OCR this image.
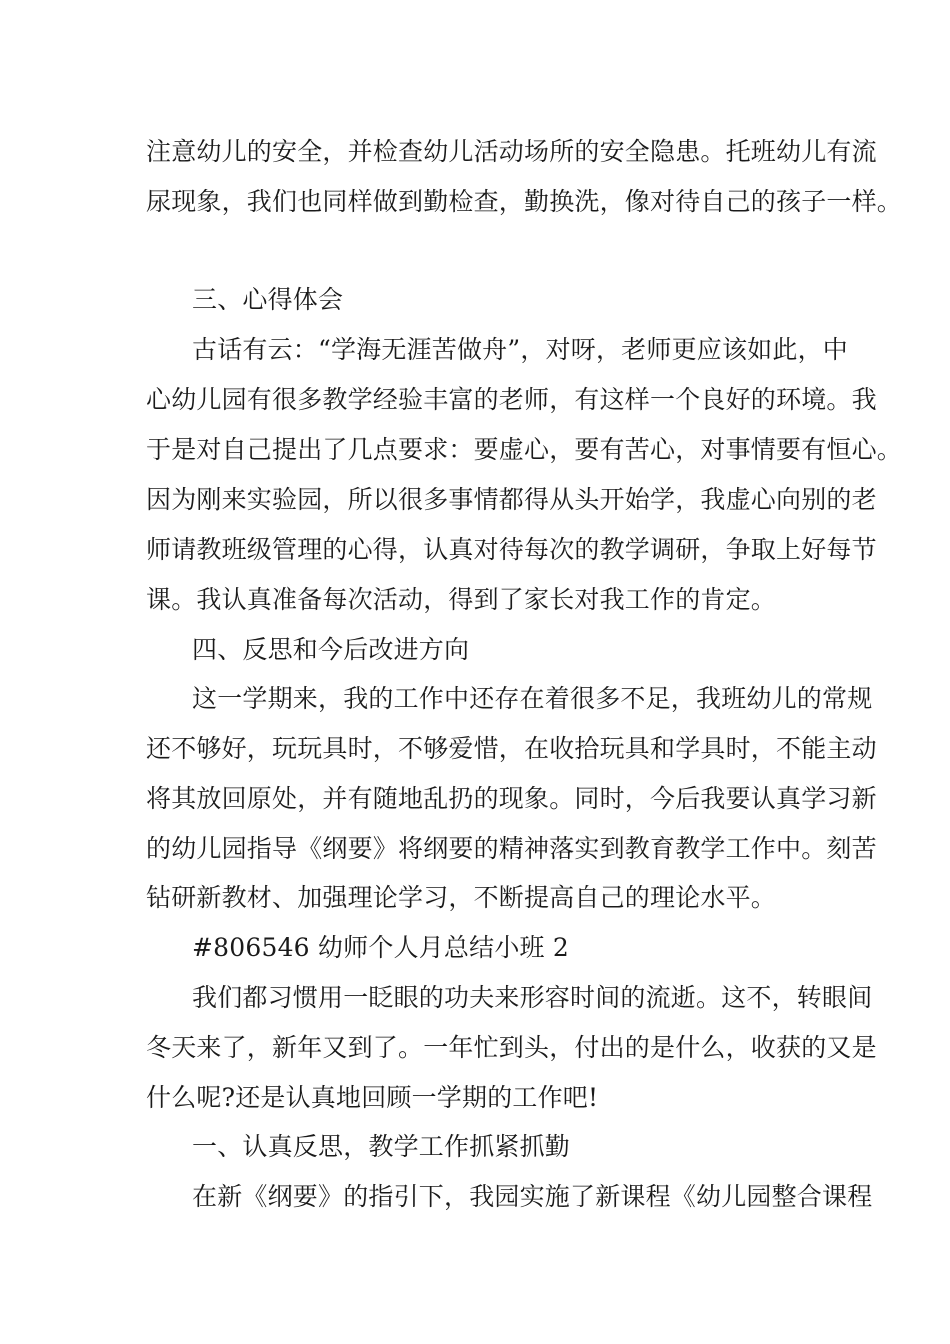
注意幼儿的安全，并检查幼儿活动场所的安全隐患。托班幼儿有流
尿现象，我们也同样做到勤检查，勤换洗，像对待自己的孩子一样。
三、心得体会
古话有云：“学海无涯苦做舟”，对呀，老师更应该如此，中
心幼儿园有很多教学经验丰富的老师，有这样一个良好的环境。我
于是对自己提出了几点要求：要虚心，要有苦心，对事情要有恒心。
因为刚来实验园，所以很多事情都得从头开始学，我虚心向别的老
师请教班级管理的心得，认真对待每次的教学调研，争取上好每节
课。我认真准备每次活动，得到了家长对我工作的肯定。
四、反思和今后改进方向
这一学期来，我的工作中还存在着很多不足，我班幼儿的常规
还不够好，玩玩具时，不够爱惜，在收拾玩具和学具时，不能主动
将其放回原处，并有随地乱扔的现象。同时，今后我要认真学习新
的幼儿园指导《纲要》将纲要的精神落实到教育教学工作中。刻苦
钻研新教材、加强理论学习，不断提高自己的理论水平。
#806546 幼师个人月总结小班 2
我们都习惯用一眨眼的功夫来形容时间的流逝。这不，转眼间
冬天来了，新年又到了。一年忙到头，付出的是什么，收获的又是
什么呢?还是认真地回顾一学期的工作吧!
一、认真反思，教学工作抓紧抓勤
在新《纲要》的指引下，我园实施了新课程《幼儿园整合课程
